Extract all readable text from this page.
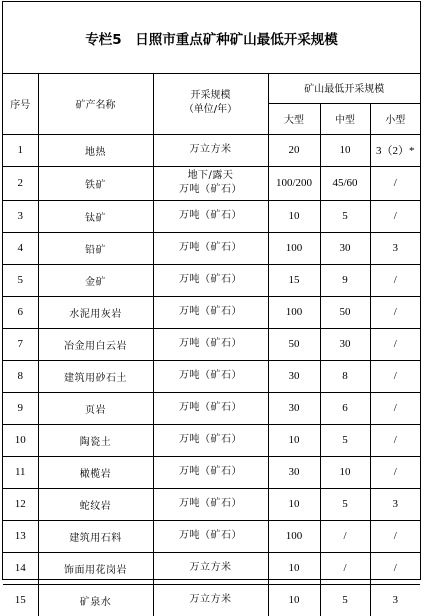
专栏5　日照市重点矿种矿山最低开采规模
序号	矿产名称	开采规模
（单位/年）	矿山最低开采规模		
			大型	中型	小型
1	地热	万立方米	20	10	3（2）*
2	铁矿	地下/露天
万吨（矿石）	100/200	45/60	/
3	钛矿	万吨（矿石）	10	5	/
4	铅矿	万吨（矿石）	100	30	3
5	金矿	万吨（矿石）	15	9	/
6	水泥用灰岩	万吨（矿石）	100	50	/
7	冶金用白云岩	万吨（矿石）	50	30	/
8	建筑用砂石土	万吨（矿石）	30	8	/
9	页岩	万吨（矿石）	30	6	/
10	陶瓷土	万吨（矿石）	10	5	/
11	橄榄岩	万吨（矿石）	30	10	/
12	蛇纹岩	万吨（矿石）	10	5	3
13	建筑用石料	万吨（矿石）	100	/	/
14	饰面用花岗岩	万立方米	10	/	/
15	矿泉水	万立方米	10	5	3
